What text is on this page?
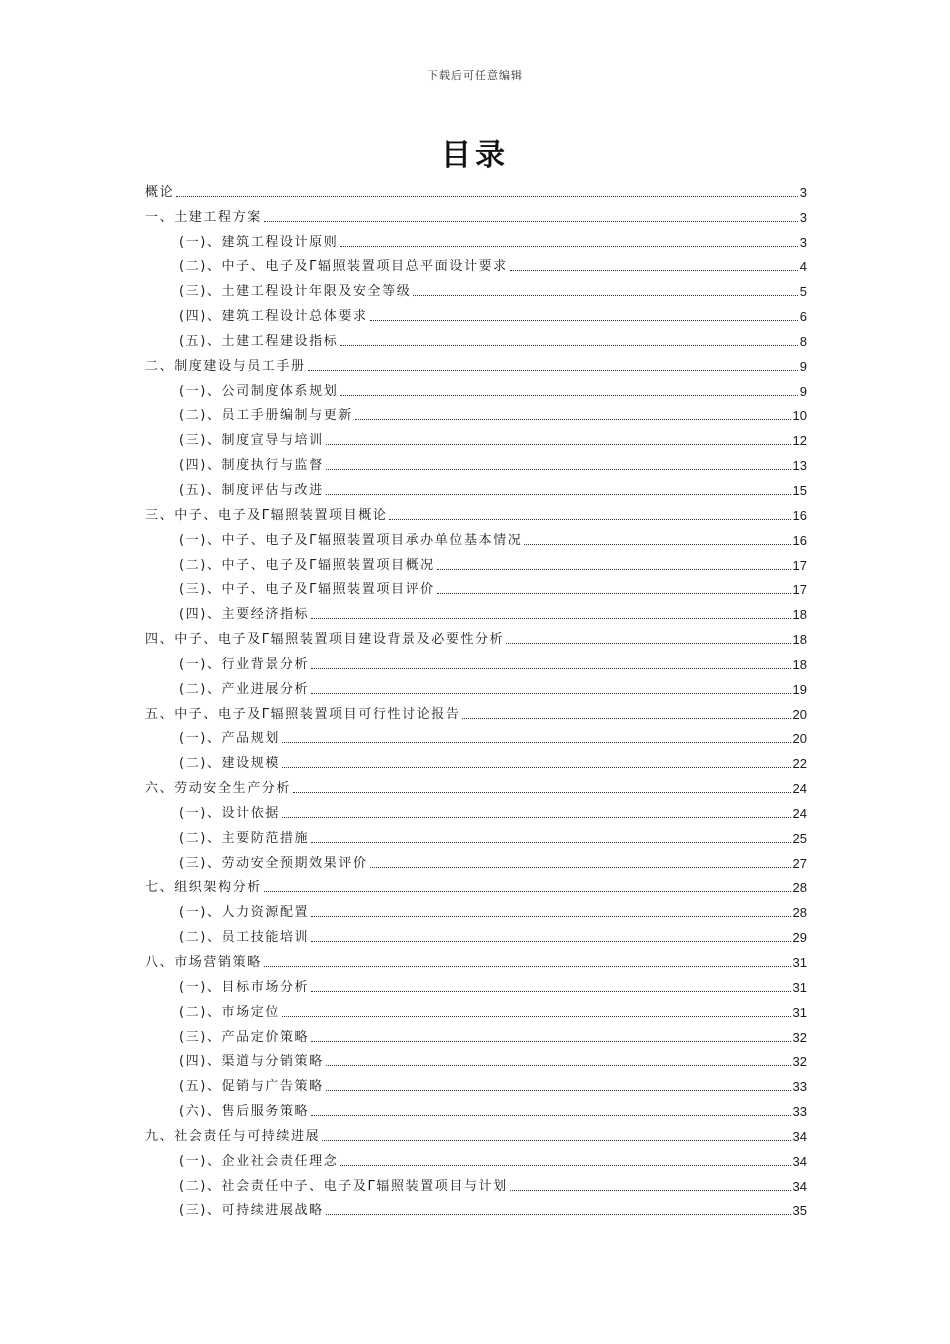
下载后可任意编辑
目录
概论	3
一、土建工程方案	3
(一)、建筑工程设计原则	3
(二)、中子、电子及Γ辐照装置项目总平面设计要求	4
(三)、土建工程设计年限及安全等级	5
(四)、建筑工程设计总体要求	6
(五)、土建工程建设指标	8
二、制度建设与员工手册	9
(一)、公司制度体系规划	9
(二)、员工手册编制与更新	10
(三)、制度宣导与培训	12
(四)、制度执行与监督	13
(五)、制度评估与改进	15
三、中子、电子及Γ辐照装置项目概论	16
(一)、中子、电子及Γ辐照装置项目承办单位基本情况	16
(二)、中子、电子及Γ辐照装置项目概况	17
(三)、中子、电子及Γ辐照装置项目评价	17
(四)、主要经济指标	18
四、中子、电子及Γ辐照装置项目建设背景及必要性分析	18
(一)、行业背景分析	18
(二)、产业进展分析	19
五、中子、电子及Γ辐照装置项目可行性讨论报告	20
(一)、产品规划	20
(二)、建设规模	22
六、劳动安全生产分析	24
(一)、设计依据	24
(二)、主要防范措施	25
(三)、劳动安全预期效果评价	27
七、组织架构分析	28
(一)、人力资源配置	28
(二)、员工技能培训	29
八、市场营销策略	31
(一)、目标市场分析	31
(二)、市场定位	31
(三)、产品定价策略	32
(四)、渠道与分销策略	32
(五)、促销与广告策略	33
(六)、售后服务策略	33
九、社会责任与可持续进展	34
(一)、企业社会责任理念	34
(二)、社会责任中子、电子及Γ辐照装置项目与计划	34
(三)、可持续进展战略	35
